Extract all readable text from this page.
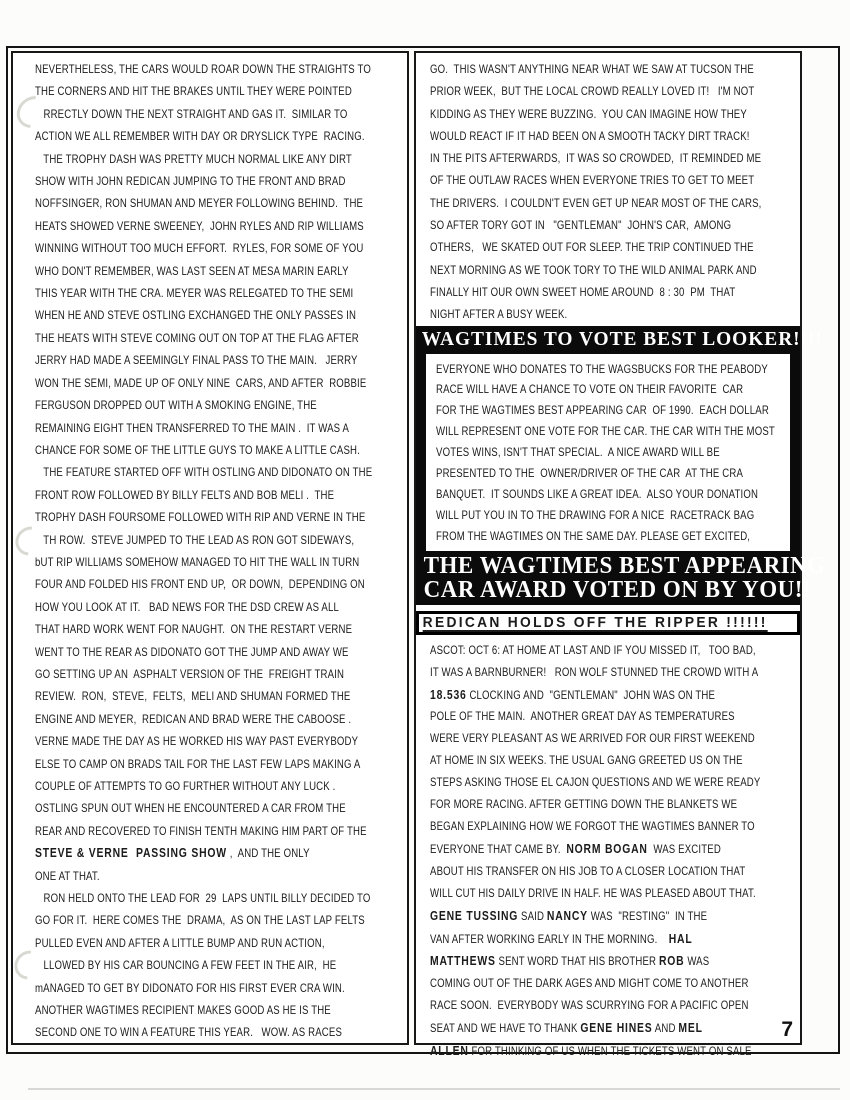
NEVERTHELESS, THE CARS WOULD ROAR DOWN THE STRAIGHTS TO
THE CORNERS AND HIT THE BRAKES UNTIL THEY WERE POINTED
RRECTLY DOWN THE NEXT STRAIGHT AND GAS IT.  SIMILAR TO
ACTION WE ALL REMEMBER WITH DAY OR DRYSLICK TYPE  RACING.
THE TROPHY DASH WAS PRETTY MUCH NORMAL LIKE ANY DIRT
SHOW WITH JOHN REDICAN JUMPING TO THE FRONT AND BRAD
NOFFSINGER, RON SHUMAN AND MEYER FOLLOWING BEHIND.  THE
HEATS SHOWED VERNE SWEENEY,  JOHN RYLES AND RIP WILLIAMS
WINNING WITHOUT TOO MUCH EFFORT.  RYLES, FOR SOME OF YOU
WHO DON'T REMEMBER, WAS LAST SEEN AT MESA MARIN EARLY
THIS YEAR WITH THE CRA. MEYER WAS RELEGATED TO THE SEMI
WHEN HE AND STEVE OSTLING EXCHANGED THE ONLY PASSES IN
THE HEATS WITH STEVE COMING OUT ON TOP AT THE FLAG AFTER
JERRY HAD MADE A SEEMINGLY FINAL PASS TO THE MAIN.   JERRY
WON THE SEMI, MADE UP OF ONLY NINE  CARS, AND AFTER  ROBBIE
FERGUSON DROPPED OUT WITH A SMOKING ENGINE, THE
REMAINING EIGHT THEN TRANSFERRED TO THE MAIN .  IT WAS A
CHANCE FOR SOME OF THE LITTLE GUYS TO MAKE A LITTLE CASH.
THE FEATURE STARTED OFF WITH OSTLING AND DIDONATO ON THE
FRONT ROW FOLLOWED BY BILLY FELTS AND BOB MELI .  THE
TROPHY DASH FOURSOME FOLLOWED WITH RIP AND VERNE IN THE
TH ROW.  STEVE JUMPED TO THE LEAD AS RON GOT SIDEWAYS,
bUT RIP WILLIAMS SOMEHOW MANAGED TO HIT THE WALL IN TURN
FOUR AND FOLDED HIS FRONT END UP,  OR DOWN,  DEPENDING ON
HOW YOU LOOK AT IT.   BAD NEWS FOR THE DSD CREW AS ALL
THAT HARD WORK WENT FOR NAUGHT.  ON THE RESTART VERNE
WENT TO THE REAR AS DIDONATO GOT THE JUMP AND AWAY WE
GO SETTING UP AN  ASPHALT VERSION OF THE  FREIGHT TRAIN
REVIEW.  RON,  STEVE,  FELTS,  MELI AND SHUMAN FORMED THE
ENGINE AND MEYER,  REDICAN AND BRAD WERE THE CABOOSE .
VERNE MADE THE DAY AS HE WORKED HIS WAY PAST EVERYBODY
ELSE TO CAMP ON BRADS TAIL FOR THE LAST FEW LAPS MAKING A
COUPLE OF ATTEMPTS TO GO FURTHER WITHOUT ANY LUCK .
OSTLING SPUN OUT WHEN HE ENCOUNTERED A CAR FROM THE
REAR AND RECOVERED TO FINISH TENTH MAKING HIM PART OF THE
STEVE & VERNE  PASSING SHOW ,  AND THE ONLY
ONE AT THAT.
RON HELD ONTO THE LEAD FOR  29  LAPS UNTIL BILLY DECIDED TO
GO FOR IT.  HERE COMES THE  DRAMA,  AS ON THE LAST LAP FELTS
PULLED EVEN AND AFTER A LITTLE BUMP AND RUN ACTION,
LLOWED BY HIS CAR BOUNCING A FEW FEET IN THE AIR,  HE
mANAGED TO GET BY DIDONATO FOR HIS FIRST EVER CRA WIN.
ANOTHER WAGTIMES RECIPIENT MAKES GOOD AS HE IS THE
SECOND ONE TO WIN A FEATURE THIS YEAR.   WOW. AS RACES
GO.  THIS WASN'T ANYTHING NEAR WHAT WE SAW AT TUCSON THE
PRIOR WEEK,  BUT THE LOCAL CROWD REALLY LOVED IT!   I'M NOT
KIDDING AS THEY WERE BUZZING.  YOU CAN IMAGINE HOW THEY
WOULD REACT IF IT HAD BEEN ON A SMOOTH TACKY DIRT TRACK!
IN THE PITS AFTERWARDS,  IT WAS SO CROWDED,  IT REMINDED ME
OF THE OUTLAW RACES WHEN EVERYONE TRIES TO GET TO MEET
THE DRIVERS.  I COULDN'T EVEN GET UP NEAR MOST OF THE CARS,
SO AFTER TORY GOT IN   "GENTLEMAN"  JOHN'S CAR,  AMONG
OTHERS,   WE SKATED OUT FOR SLEEP. THE TRIP CONTINUED THE
NEXT MORNING AS WE TOOK TORY TO THE WILD ANIMAL PARK AND
FINALLY HIT OUR OWN SWEET HOME AROUND  8 : 30  PM  THAT
NIGHT AFTER A BUSY WEEK.
WAGTIMES TO VOTE BEST LOOKER!!!!
EVERYONE WHO DONATES TO THE WAGSBUCKS FOR THE PEABODY
RACE WILL HAVE A CHANCE TO VOTE ON THEIR FAVORITE  CAR
FOR THE WAGTIMES BEST APPEARING CAR  OF 1990.  EACH DOLLAR
WILL REPRESENT ONE VOTE FOR THE CAR. THE CAR WITH THE MOST
VOTES WINS, ISN'T THAT SPECIAL.  A NICE AWARD WILL BE
PRESENTED TO THE  OWNER/DRIVER OF THE CAR  AT THE CRA
BANQUET.  IT SOUNDS LIKE A GREAT IDEA.  ALSO YOUR DONATION
WILL PUT YOU IN TO THE DRAWING FOR A NICE  RACETRACK BAG
FROM THE WAGTIMES ON THE SAME DAY. PLEASE GET EXCITED,
THE WAGTIMES BEST APPEARING
CAR AWARD VOTED ON BY YOU!!
REDICAN HOLDS OFF THE RIPPER !!!!!!
ASCOT: OCT 6: AT HOME AT LAST AND IF YOU MISSED IT,   TOO BAD,
IT WAS A BARNBURNER!   RON WOLF STUNNED THE CROWD WITH A
18.536 CLOCKING AND  "GENTLEMAN"  JOHN WAS ON THE
POLE OF THE MAIN.  ANOTHER GREAT DAY AS TEMPERATURES
WERE VERY PLEASANT AS WE ARRIVED FOR OUR FIRST WEEKEND
AT HOME IN SIX WEEKS. THE USUAL GANG GREETED US ON THE
STEPS ASKING THOSE EL CAJON QUESTIONS AND WE WERE READY
FOR MORE RACING. AFTER GETTING DOWN THE BLANKETS WE
BEGAN EXPLAINING HOW WE FORGOT THE WAGTIMES BANNER TO
EVERYONE THAT CAME BY.  NORM BOGAN  WAS EXCITED
ABOUT HIS TRANSFER ON HIS JOB TO A CLOSER LOCATION THAT
WILL CUT HIS DAILY DRIVE IN HALF. HE WAS PLEASED ABOUT THAT.
GENE TUSSING SAID NANCY WAS  "RESTING"  IN THE
VAN AFTER WORKING EARLY IN THE MORNING.    HAL
MATTHEWS SENT WORD THAT HIS BROTHER ROB WAS
COMING OUT OF THE DARK AGES AND MIGHT COME TO ANOTHER
RACE SOON.  EVERYBODY WAS SCURRYING FOR A PACIFIC OPEN
SEAT AND WE HAVE TO THANK GENE HINES AND MEL
ALLEN FOR THINKING OF US WHEN THE TICKETS WENT ON SALE
7
